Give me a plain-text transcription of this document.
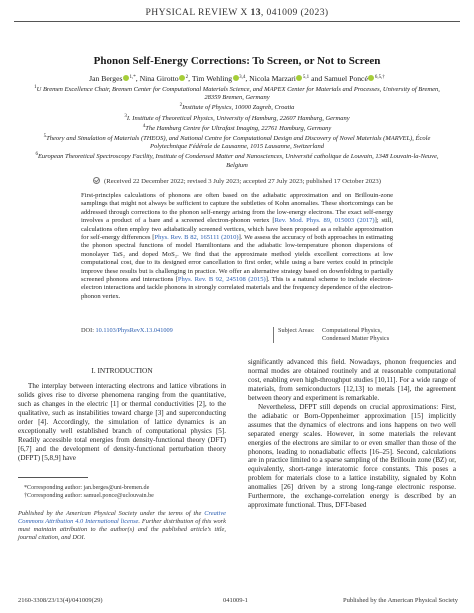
PHYSICAL REVIEW X 13, 041009 (2023)
Phonon Self-Energy Corrections: To Screen, or Not to Screen
Jan Berges $^{1,*}$, Nina Girotto $^2$, Tim Wehling $^{3,4}$, Nicola Marzari $^{5,1}$ and Samuel Poncé $^{6,5,\dagger}$
$^1$U Bremen Excellence Chair, Bremen Center for Computational Materials Science, and MAPEX Center for Materials and Processes, University of Bremen, 28359 Bremen, Germany
$^2$Institute of Physics, 10000 Zagreb, Croatia
$^3$I. Institute of Theoretical Physics, University of Hamburg, 22607 Hamburg, Germany
$^4$The Hamburg Centre for Ultrafast Imaging, 22761 Hamburg, Germany
$^5$Theory and Simulation of Materials (THEOS), and National Centre for Computational Design and Discovery of Novel Materials (MARVEL), École Polytechnique Fédérale de Lausanne, 1015 Lausanne, Switzerland
$^6$European Theoretical Spectroscopy Facility, Institute of Condensed Matter and Nanosciences, Université catholique de Louvain, 1348 Louvain-la-Neuve, Belgium
(Received 22 December 2022; revised 3 July 2023; accepted 27 July 2023; published 17 October 2023)
First-principles calculations of phonons are often based on the adiabatic approximation and on Brillouin-zone samplings that might not always be sufficient to capture the subtleties of Kohn anomalies. These shortcomings can be addressed through corrections to the phonon self-energy arising from the low-energy electrons. The exact self-energy involves a product of a bare and a screened electron-phonon vertex [Rev. Mod. Phys. 89, 015003 (2017)]; still, calculations often employ two adiabatically screened vertices, which have been proposed as a reliable approximation for self-energy differences [Phys. Rev. B 82, 165111 (2010)]. We assess the accuracy of both approaches in estimating the phonon spectral functions of model Hamiltonians and the adiabatic low-temperature phonon dispersions of monolayer TaS₂ and doped MoS₂. We find that the approximate method yields excellent corrections at low computational cost, due to its designed error cancellation to first order, while using a bare vertex could in principle improve these results but is challenging in practice. We offer an alternative strategy based on downfolding to partially screened phonons and interactions [Phys. Rev. B 92, 245108 (2015)]. This is a natural scheme to include electron-electron interactions and tackle phonons in strongly correlated materials and the frequency dependence of the electron-phonon vertex.
DOI: 10.1103/PhysRevX.13.041009	Subject Areas: Computational Physics,
Condensed Matter Physics
I. INTRODUCTION

The interplay between interacting electrons and lattice vibrations in solids gives rise to diverse phenomena ranging from the quantitative, such as changes in the electric [1] or thermal conductivities [2], to the qualitative, such as instabilities toward charge [3] and superconducting order [4]. Accordingly, the simulation of lattice dynamics is an exceptionally well established branch of computational physics [5]. Readily accessible total energies from density-functional theory (DFT) [6,7] and the development of density-functional perturbation theory (DFPT) [5,8,9] have

*Corresponding author: jan.berges@uni-bremen.de

†Corresponding author: samuel.ponce@uclouvain.be

Published by the American Physical Society under the terms of the Creative Commons Attribution 4.0 International license. Further distribution of this work must maintain attribution to the author(s) and the published article’s title, journal citation, and DOI.

significantly advanced this field. Nowadays, phonon frequencies and normal modes are obtained routinely and at reasonable computational cost, enabling even high-throughput studies [10,11]. For a wide range of materials, from semiconductors [12,13] to metals [14], the agreement between theory and experiment is remarkable.

Nevertheless, DFPT still depends on crucial approximations: First, the adiabatic or Born-Oppenheimer approximation [15] implicitly assumes that the dynamics of electrons and ions happens on two well separated energy scales. However, in some materials the relevant energies of the electrons are similar to or even smaller than those of the phonons, leading to nonadiabatic effects [16–25]. Second, calculations are in practice limited to a sparse sampling of the Brillouin zone (BZ) or, equivalently, short-range interatomic force constants. This poses a problem for materials close to a lattice instability, signaled by Kohn anomalies [26] driven by a strong long-range electronic response. Furthermore, the exchange-correlation energy is described by an approximate functional. Thus, DFT-based

2160-3308/23/13(4)/041009(29)	041009-1	Published by the American Physical Society
